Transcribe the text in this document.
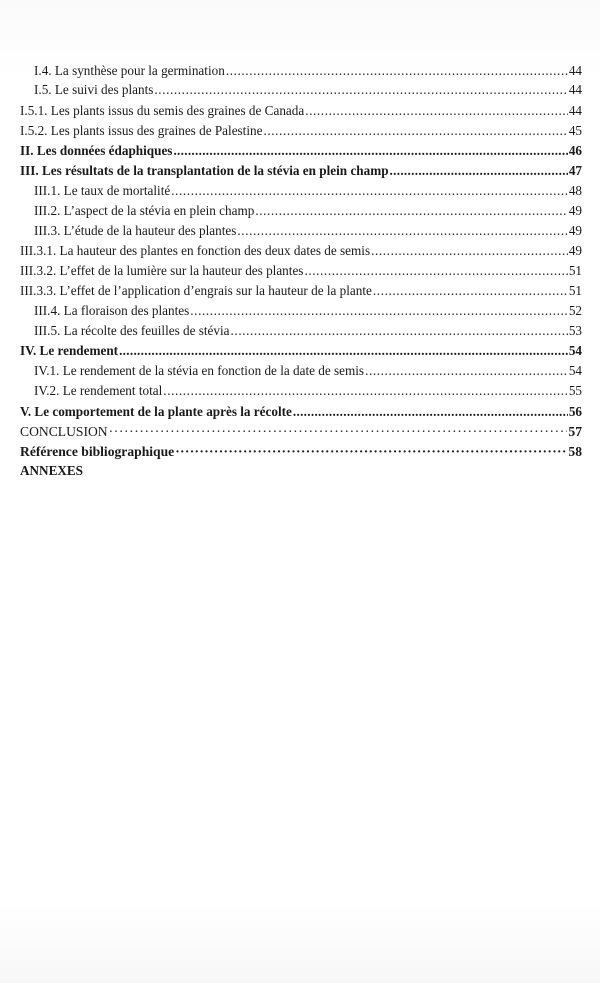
I.4. La synthèse pour la germination .....	44
I.5. Le suivi des plants .....	44
I.5.1. Les plants issus du semis des graines de Canada .....	44
I.5.2. Les plants issus des graines de Palestine .....	45
II. Les données édaphiques .....	46
III. Les résultats de la transplantation de la stévia en plein champ .....	47
III.1. Le taux de mortalité .....	48
III.2. L’aspect de la stévia en plein champ .....	49
III.3. L’étude de la hauteur des plantes .....	49
III.3.1. La hauteur des plantes en fonction des deux dates de semis .....	49
III.3.2. L’effet de la lumière sur la hauteur des plantes .....	51
III.3.3. L’effet de l’application d’engrais sur la hauteur de la plante .....	51
III.4. La floraison des plantes .....	52
III.5. La récolte des feuilles de stévia .....	53
IV. Le rendement .....	54
IV.1. Le rendement de la stévia en fonction de la date de semis .....	54
IV.2. Le rendement total .....	55
V. Le comportement de la plante après la récolte .....	56
CONCLUSION ·····	57
Référence bibliographique ·····	58
ANNEXES
